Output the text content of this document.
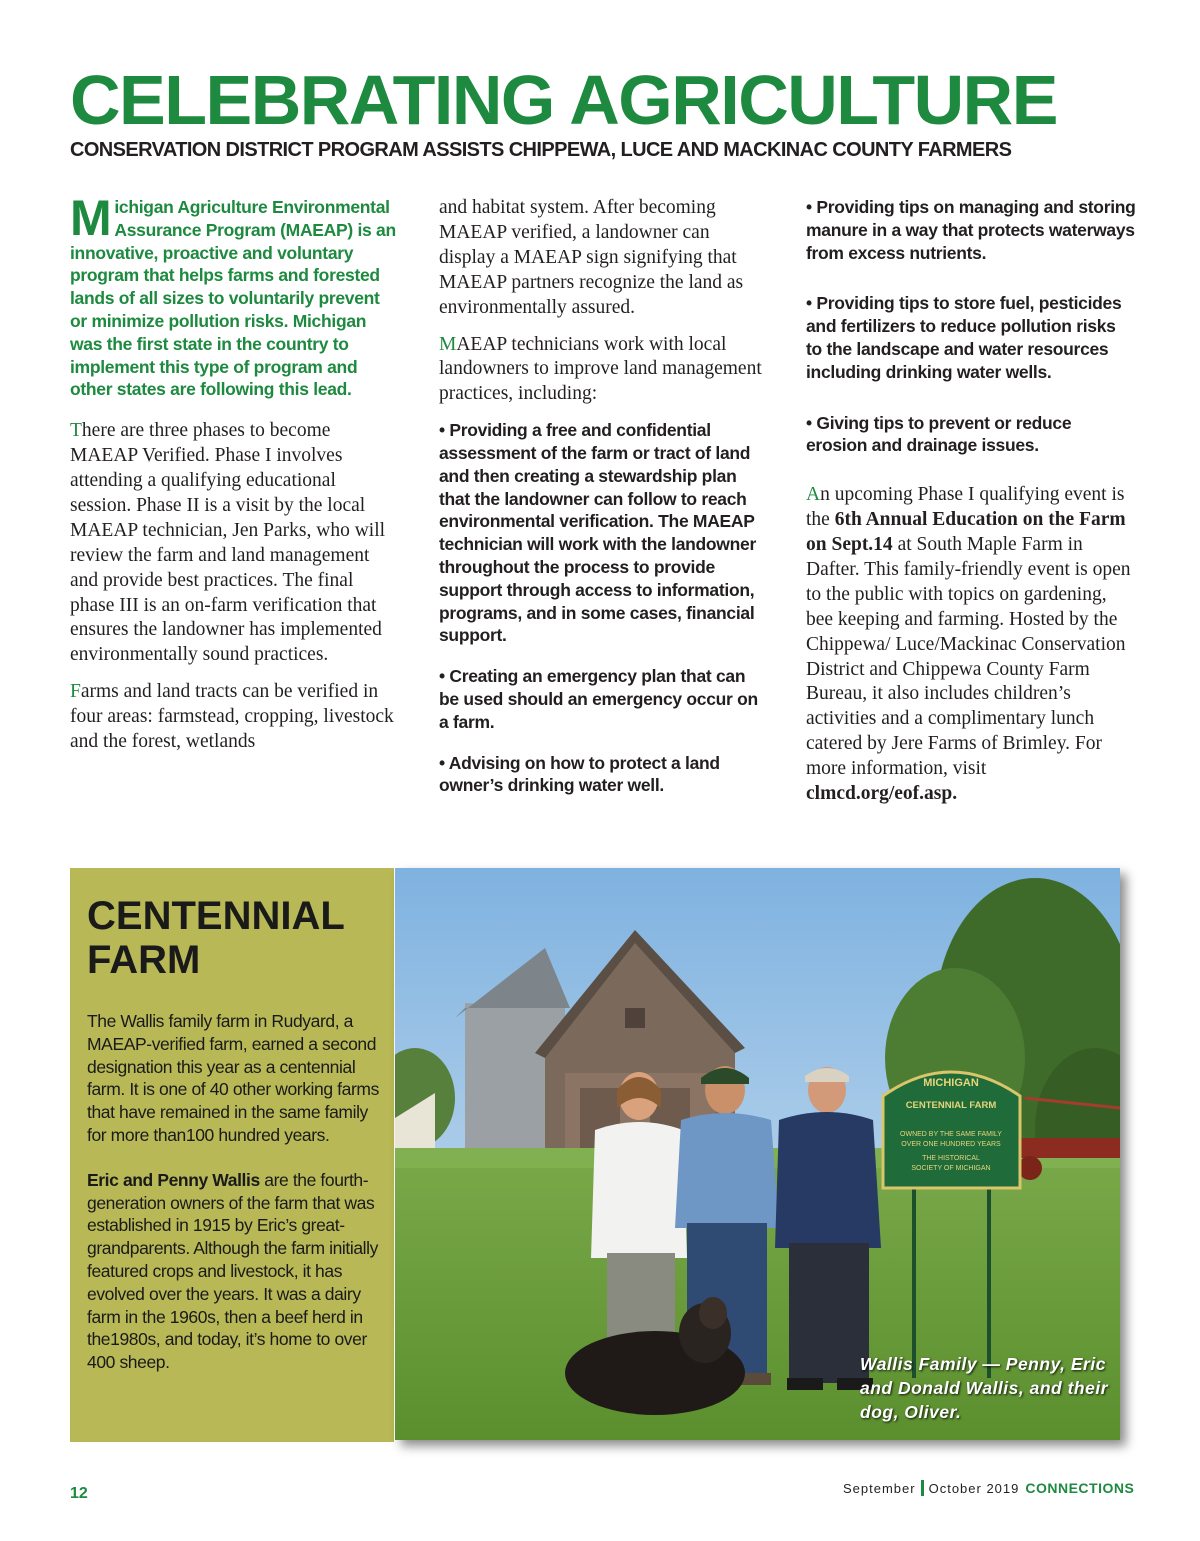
CELEBRATING AGRICULTURE
CONSERVATION DISTRICT PROGRAM ASSISTS CHIPPEWA, LUCE AND MACKINAC COUNTY FARMERS

Michigan Agriculture Environmental Assurance Program (MAEAP) is an innovative, proactive and voluntary program that helps farms and forested lands of all sizes to voluntarily prevent or minimize pollution risks. Michigan was the first state in the country to implement this type of program and other states are following this lead.

There are three phases to become MAEAP Verified. Phase I involves attending a qualifying educational session. Phase II is a visit by the local MAEAP technician, Jen Parks, who will review the farm and land management and provide best practices. The final phase III is an on-farm verification that ensures the landowner has implemented environmentally sound practices.

Farms and land tracts can be verified in four areas: farmstead, cropping, livestock and the forest, wetlands

and habitat system. After becoming MAEAP verified, a landowner can display a MAEAP sign signifying that MAEAP partners recognize the land as environmentally assured.

MAEAP technicians work with local landowners to improve land management practices, including:

• Providing a free and confidential assessment of the farm or tract of land and then creating a stewardship plan that the landowner can follow to reach environmental verification. The MAEAP technician will work with the landowner throughout the process to provide support through access to information, programs, and in some cases, financial support.

• Creating an emergency plan that can be used should an emergency occur on a farm.

• Advising on how to protect a land owner’s drinking water well.

• Providing tips on managing and storing manure in a way that protects waterways from excess nutrients.

• Providing tips to store fuel, pesticides and fertilizers to reduce pollution risks to the landscape and water resources including drinking water wells.

• Giving tips to prevent or reduce erosion and drainage issues.

An upcoming Phase I qualifying event is the 6th Annual Education on the Farm on Sept.14 at South Maple Farm in Dafter. This family-friendly event is open to the public with topics on gardening, bee keeping and farming. Hosted by the Chippewa/ Luce/Mackinac Conservation District and Chippewa County Farm Bureau, it also includes children’s activities and a complimentary lunch catered by Jere Farms of Brimley. For more information, visit clmcd.org/eof.asp.

CENTENNIAL FARM

The Wallis family farm in Rudyard, a MAEAP-verified farm, earned a second designation this year as a centennial farm. It is one of 40 other working farms that have remained in the same family for more than100 hundred years.

Eric and Penny Wallis are the fourth-generation owners of the farm that was established in 1915 by Eric’s great-grandparents. Although the farm initially featured crops and livestock, it has evolved over the years. It was a dairy farm in the 1960s, then a beef herd in the1980s, and today, it’s home to over 400 sheep.

MICHIGAN
CENTENNIAL FARM
OWNED BY THE SAME FAMILY
OVER ONE HUNDRED YEARS
THE HISTORICAL
SOCIETY OF MICHIGAN
Wallis Family — Penny, Eric and Donald Wallis, and their dog, Oliver.
12	September October 2019 CONNECTIONS
